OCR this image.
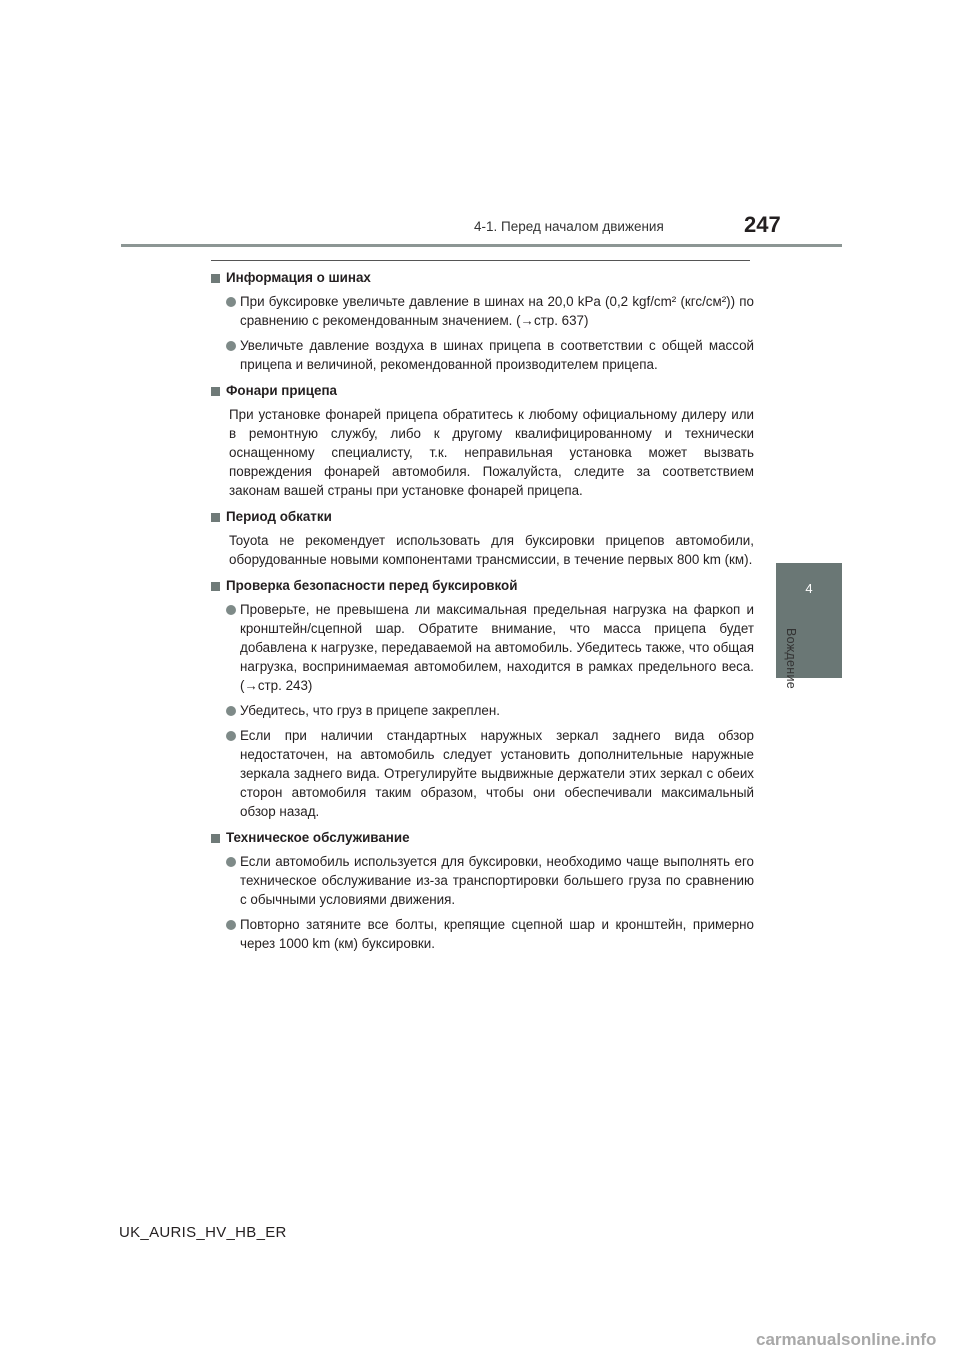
4-1. Перед началом движения	247
4
Вождение
Информация о шинах
При буксировке увеличьте давление в шинах на 20,0 kPa (0,2 kgf/cm² (кгс/см²)) по сравнению с рекомендованным значением. (→стр. 637)
Увеличьте давление воздуха в шинах прицепа в соответствии с общей массой прицепа и величиной, рекомендованной производителем прицепа.
Фонари прицепа
При установке фонарей прицепа обратитесь к любому официальному дилеру или в ремонтную службу, либо к другому квалифицированному и технически оснащенному специалисту, т.к. неправильная установка может вызвать повреждения фонарей автомобиля. Пожалуйста, следите за соответствием законам вашей страны при установке фонарей прицепа.
Период обкатки
Toyota не рекомендует использовать для буксировки прицепов автомобили, оборудованные новыми компонентами трансмиссии, в течение первых 800 km (км).
Проверка безопасности перед буксировкой
Проверьте, не превышена ли максимальная предельная нагрузка на фаркоп и кронштейн/сцепной шар. Обратите внимание, что масса прицепа будет добавлена к нагрузке, передаваемой на автомобиль. Убедитесь также, что общая нагрузка, воспринимаемая автомобилем, находится в рамках предельного веса. (→стр. 243)
Убедитесь, что груз в прицепе закреплен.
Если при наличии стандартных наружных зеркал заднего вида обзор недостаточен, на автомобиль следует установить дополнительные наружные зеркала заднего вида. Отрегулируйте выдвижные держатели этих зеркал с обеих сторон автомобиля таким образом, чтобы они обеспечивали максимальный обзор назад.
Техническое обслуживание
Если автомобиль используется для буксировки, необходимо чаще выполнять его техническое обслуживание из-за транспортировки большего груза по сравнению с обычными условиями движения.
Повторно затяните все болты, крепящие сцепной шар и кронштейн, примерно через 1000 km (км) буксировки.
UK_AURIS_HV_HB_ER
carmanualsonline.info
